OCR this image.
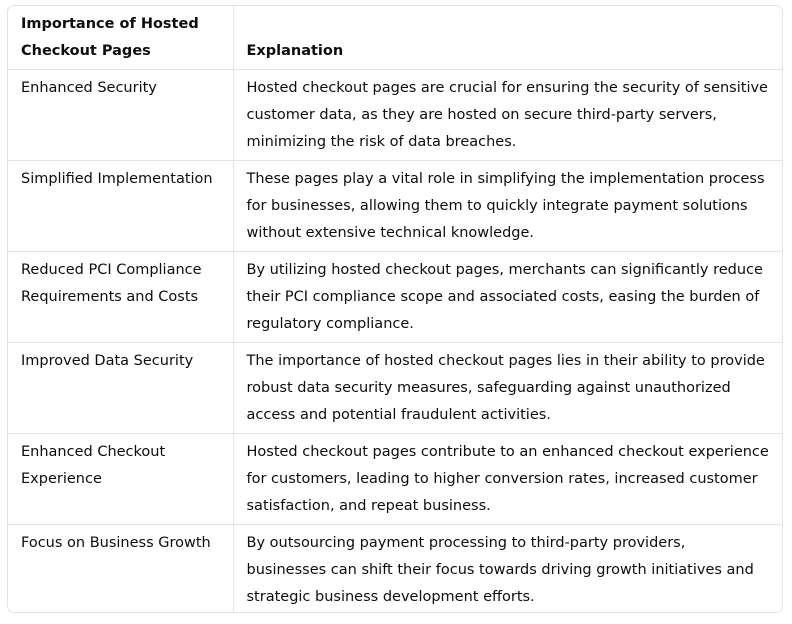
Importance of Hosted Checkout Pages	Explanation
Enhanced Security	Hosted checkout pages are crucial for ensuring the security of sensitive customer data, as they are hosted on secure third-party servers, minimizing the risk of data breaches.
Simplified Implementation	These pages play a vital role in simplifying the implementation process for businesses, allowing them to quickly integrate payment solutions without extensive technical knowledge.
Reduced PCI Compliance Requirements and Costs	By utilizing hosted checkout pages, merchants can significantly reduce their PCI compliance scope and associated costs, easing the burden of regulatory compliance.
Improved Data Security	The importance of hosted checkout pages lies in their ability to provide robust data security measures, safeguarding against unauthorized access and potential fraudulent activities.
Enhanced Checkout Experience	Hosted checkout pages contribute to an enhanced checkout experience for customers, leading to higher conversion rates, increased customer satisfaction, and repeat business.
Focus on Business Growth	By outsourcing payment processing to third-party providers, businesses can shift their focus towards driving growth initiatives and strategic business development efforts.
